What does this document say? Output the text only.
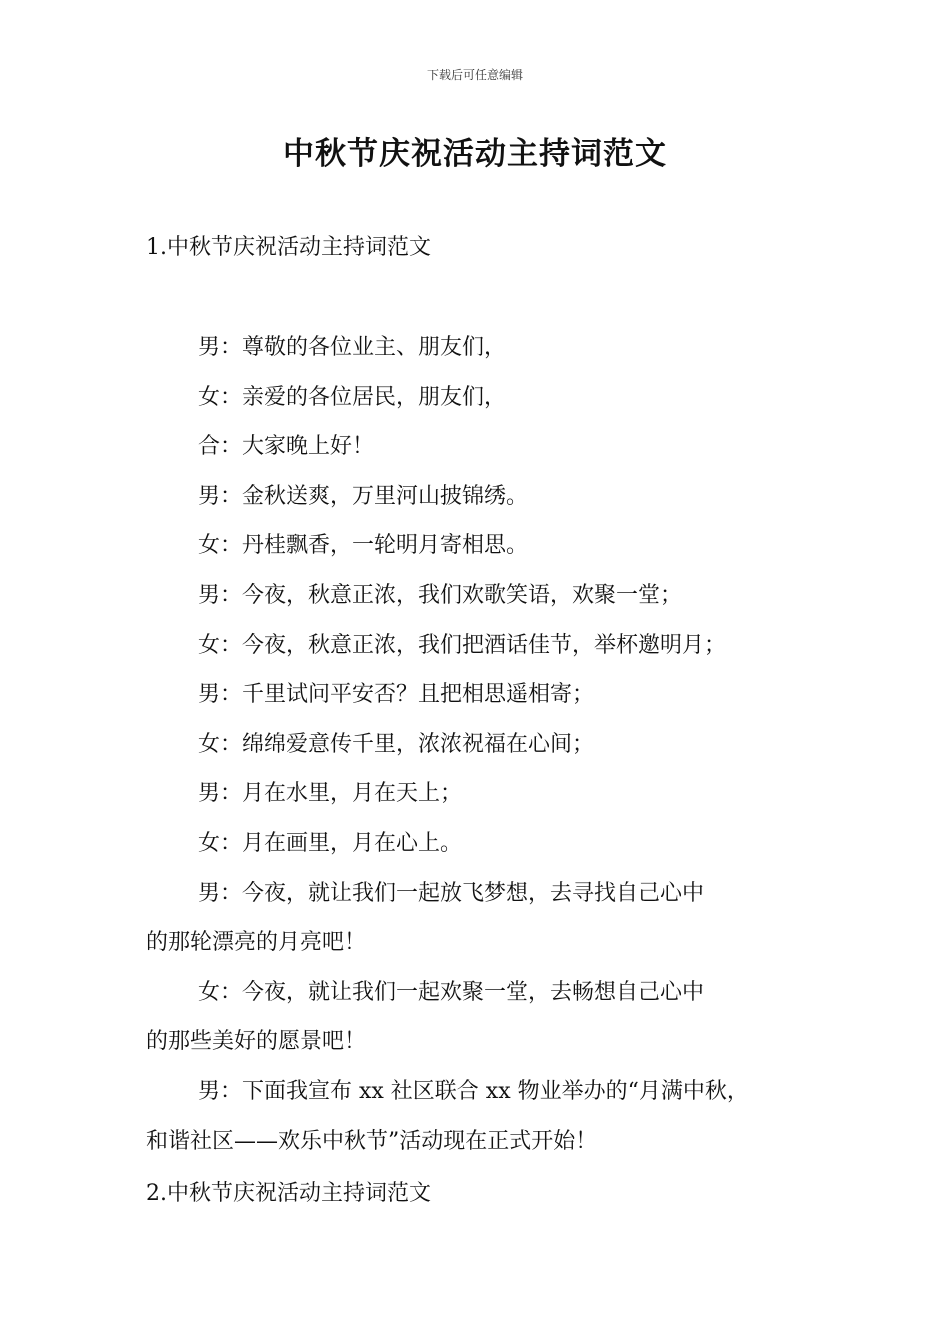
下载后可任意编辑
中秋节庆祝活动主持词范文
1.中秋节庆祝活动主持词范文
男：尊敬的各位业主、朋友们，
女：亲爱的各位居民，朋友们，
合：大家晚上好！
男：金秋送爽，万里河山披锦绣。
女：丹桂飘香，一轮明月寄相思。
男：今夜，秋意正浓，我们欢歌笑语，欢聚一堂；
女：今夜，秋意正浓，我们把酒话佳节，举杯邀明月；
男：千里试问平安否？且把相思遥相寄；
女：绵绵爱意传千里，浓浓祝福在心间；
男：月在水里，月在天上；
女：月在画里，月在心上。
男：今夜，就让我们一起放飞梦想，去寻找自己心中
的那轮漂亮的月亮吧！
女：今夜，就让我们一起欢聚一堂，去畅想自己心中
的那些美好的愿景吧！
男：下面我宣布 xx 社区联合 xx 物业举办的“月满中秋，
和谐社区——欢乐中秋节”活动现在正式开始！
2.中秋节庆祝活动主持词范文
